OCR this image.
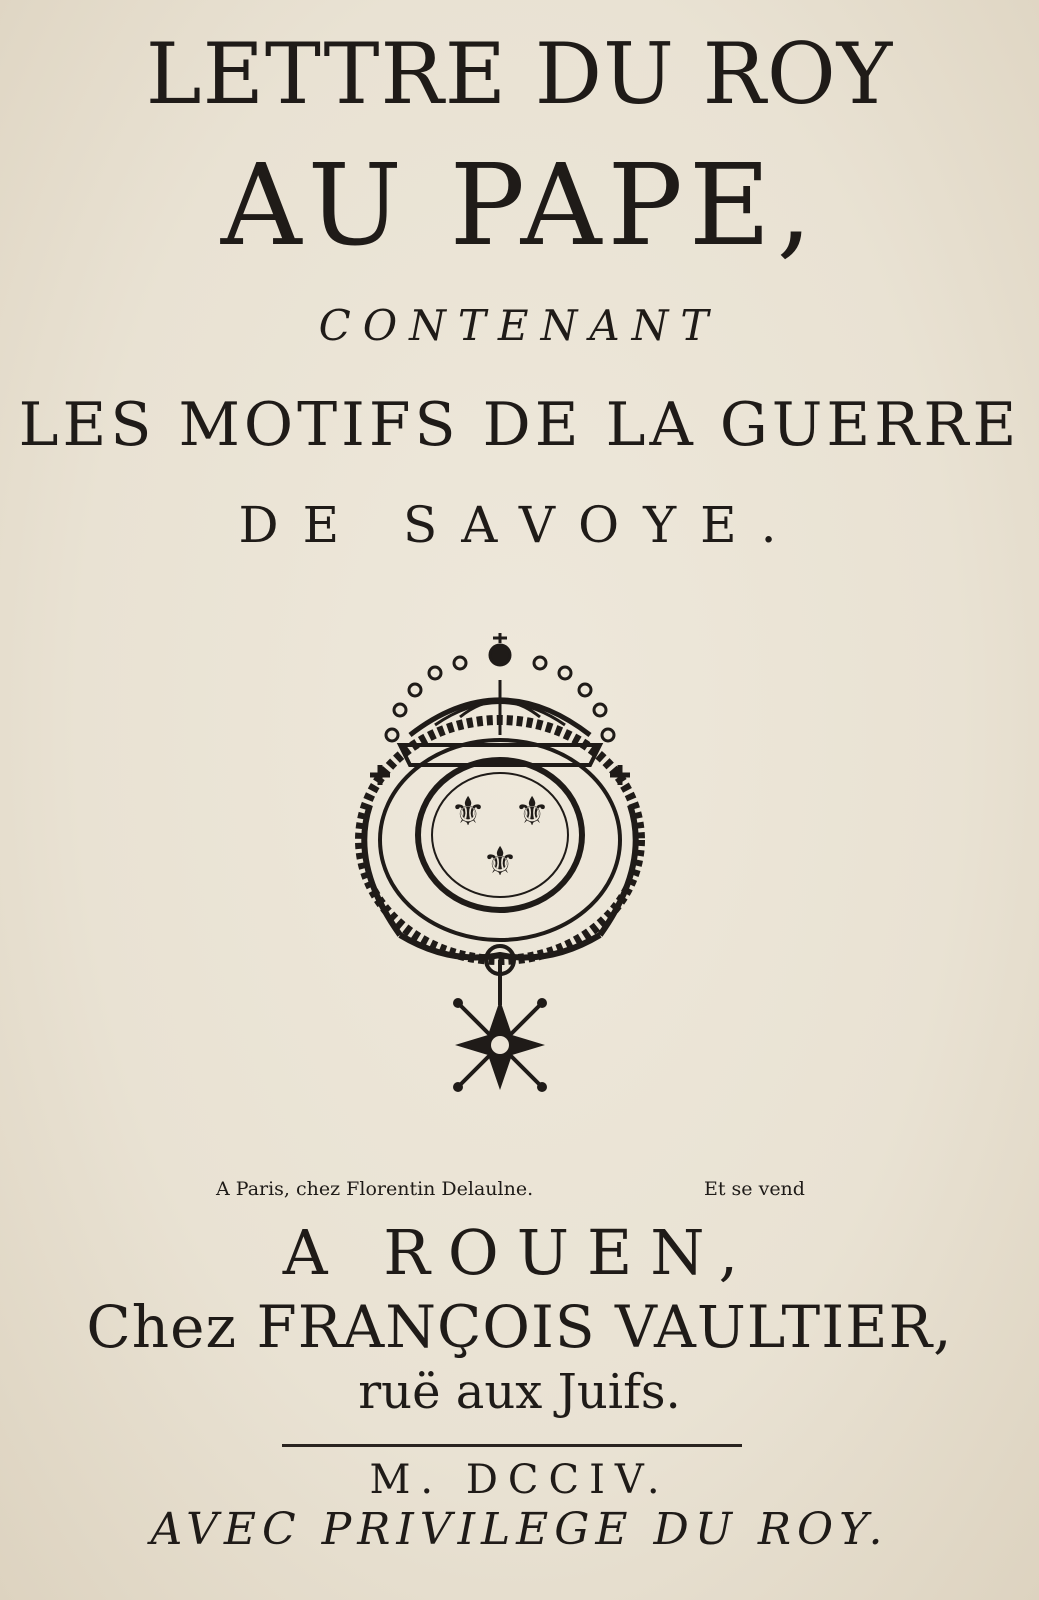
LETTRE DU ROY
AU PAPE,
CONTENANT
LES MOTIFS DE LA GUERRE
DE SAVOYE.
⚜ ⚜
⚜
A Paris, chez Florentin Delaulne.	Et se vend
A ROUEN,
Chez FRANÇOIS VAULTIER,
ruë aux Juifs.
M. DCCIV.
AVEC PRIVILEGE DU ROY.
